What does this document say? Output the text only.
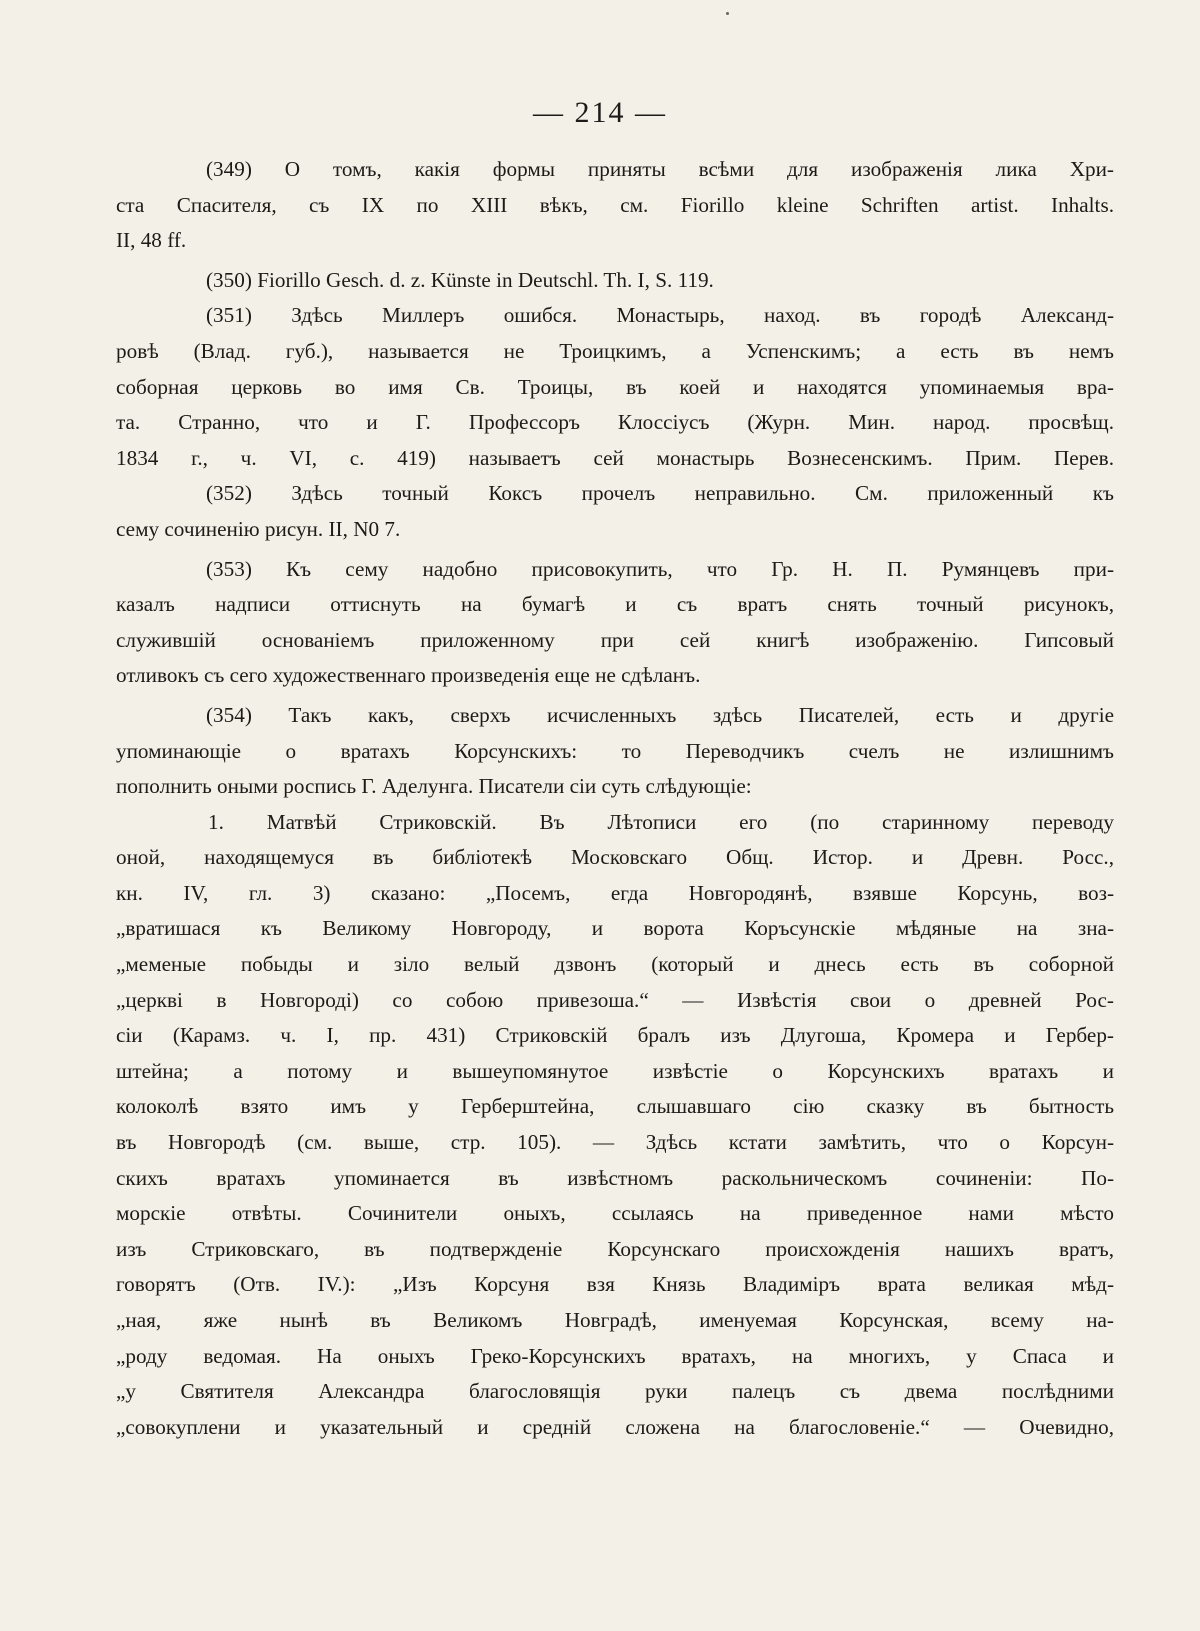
— 214 —
(349) О томъ, какія формы приняты всѣми для изображенія лика Хри-
ста Спасителя, съ IX по XIII вѣкъ, см. Fiorillo kleine Schriften artist. Inhalts.
II, 48 ff.
(350) Fiorillo Gesch. d. z. Künste in Deutschl. Th. I, S. 119.
(351) Здѣсь Миллеръ ошибся. Монастырь, наход. въ городѣ Александ-
ровѣ (Влад. губ.), называется не Троицкимъ, а Успенскимъ; а есть въ немъ
соборная церковь во имя Св. Троицы, въ коей и находятся упоминаемыя вра-
та. Странно, что и Г. Профессоръ Клоссіусъ (Журн. Мин. народ. просвѣщ.
1834 г., ч. VI, с. 419) называетъ сей монастырь Вознесенскимъ. Прим. Перев.
(352) Здѣсь точный Коксъ прочелъ неправильно. См. приложенный къ
сему сочиненію рисун. II, N0 7.
(353) Къ сему надобно присовокупить, что Гр. Н. П. Румянцевъ при-
казалъ надписи оттиснуть на бумагѣ и съ вратъ снять точный рисунокъ,
служившій основаніемъ приложенному при сей книгѣ изображенію. Гипсовый
отливокъ съ сего художественнаго произведенія еще не сдѣланъ.
(354) Такъ какъ, сверхъ исчисленныхъ здѣсь Писателей, есть и другіе
упоминающіе о вратахъ Корсунскихъ: то Переводчикъ счелъ не излишнимъ
пополнить оными роспись Г. Аделунга. Писатели сіи суть слѣдующіе:
1. Матвѣй Стриковскій. Въ Лѣтописи его (по старинному переводу
оной, находящемуся въ библіотекѣ Московскаго Общ. Истор. и Древн. Росс.,
кн. IV, гл. 3) сказано: „Посемъ, егда Новгородянѣ, взявше Корсунь, воз-
„вратишася къ Великому Новгороду, и ворота Коръсунскіе мѣдяные на зна-
„меменые побыды и зіло велый дзвонъ (который и днесь есть въ соборной
„церкві в Новгороді) со собою привезоша.“ — Извѣстія свои о древней Рос-
сіи (Карамз. ч. I, пр. 431) Стриковскій бралъ изъ Длугоша, Кромера и Гербер-
штейна; а потому и вышеупомянутое извѣстіе о Корсунскихъ вратахъ и
колоколѣ взято имъ у Герберштейна, слышавшаго сію сказку въ бытность
въ Новгородѣ (см. выше, стр. 105). — Здѣсь кстати замѣтить, что о Корсун-
скихъ вратахъ упоминается въ извѣстномъ раскольническомъ сочиненіи: По-
морскіе отвѣты. Сочинители оныхъ, ссылаясь на приведенное нами мѣсто
изъ Стриковскаго, въ подтвержденіе Корсунскаго происхожденія нашихъ вратъ,
говорятъ (Отв. IV.): „Изъ Корсуня взя Князь Владиміръ врата великая мѣд-
„ная, яже нынѣ въ Великомъ Новградѣ, именуемая Корсунская, всему на-
„роду ведомая. На оныхъ Греко-Корсунскихъ вратахъ, на многихъ, у Спаса и
„у Святителя Александра благословящія руки палецъ съ двема послѣдними
„совокуплени и указательный и средній сложена на благословеніе.“ — Очевидно,
